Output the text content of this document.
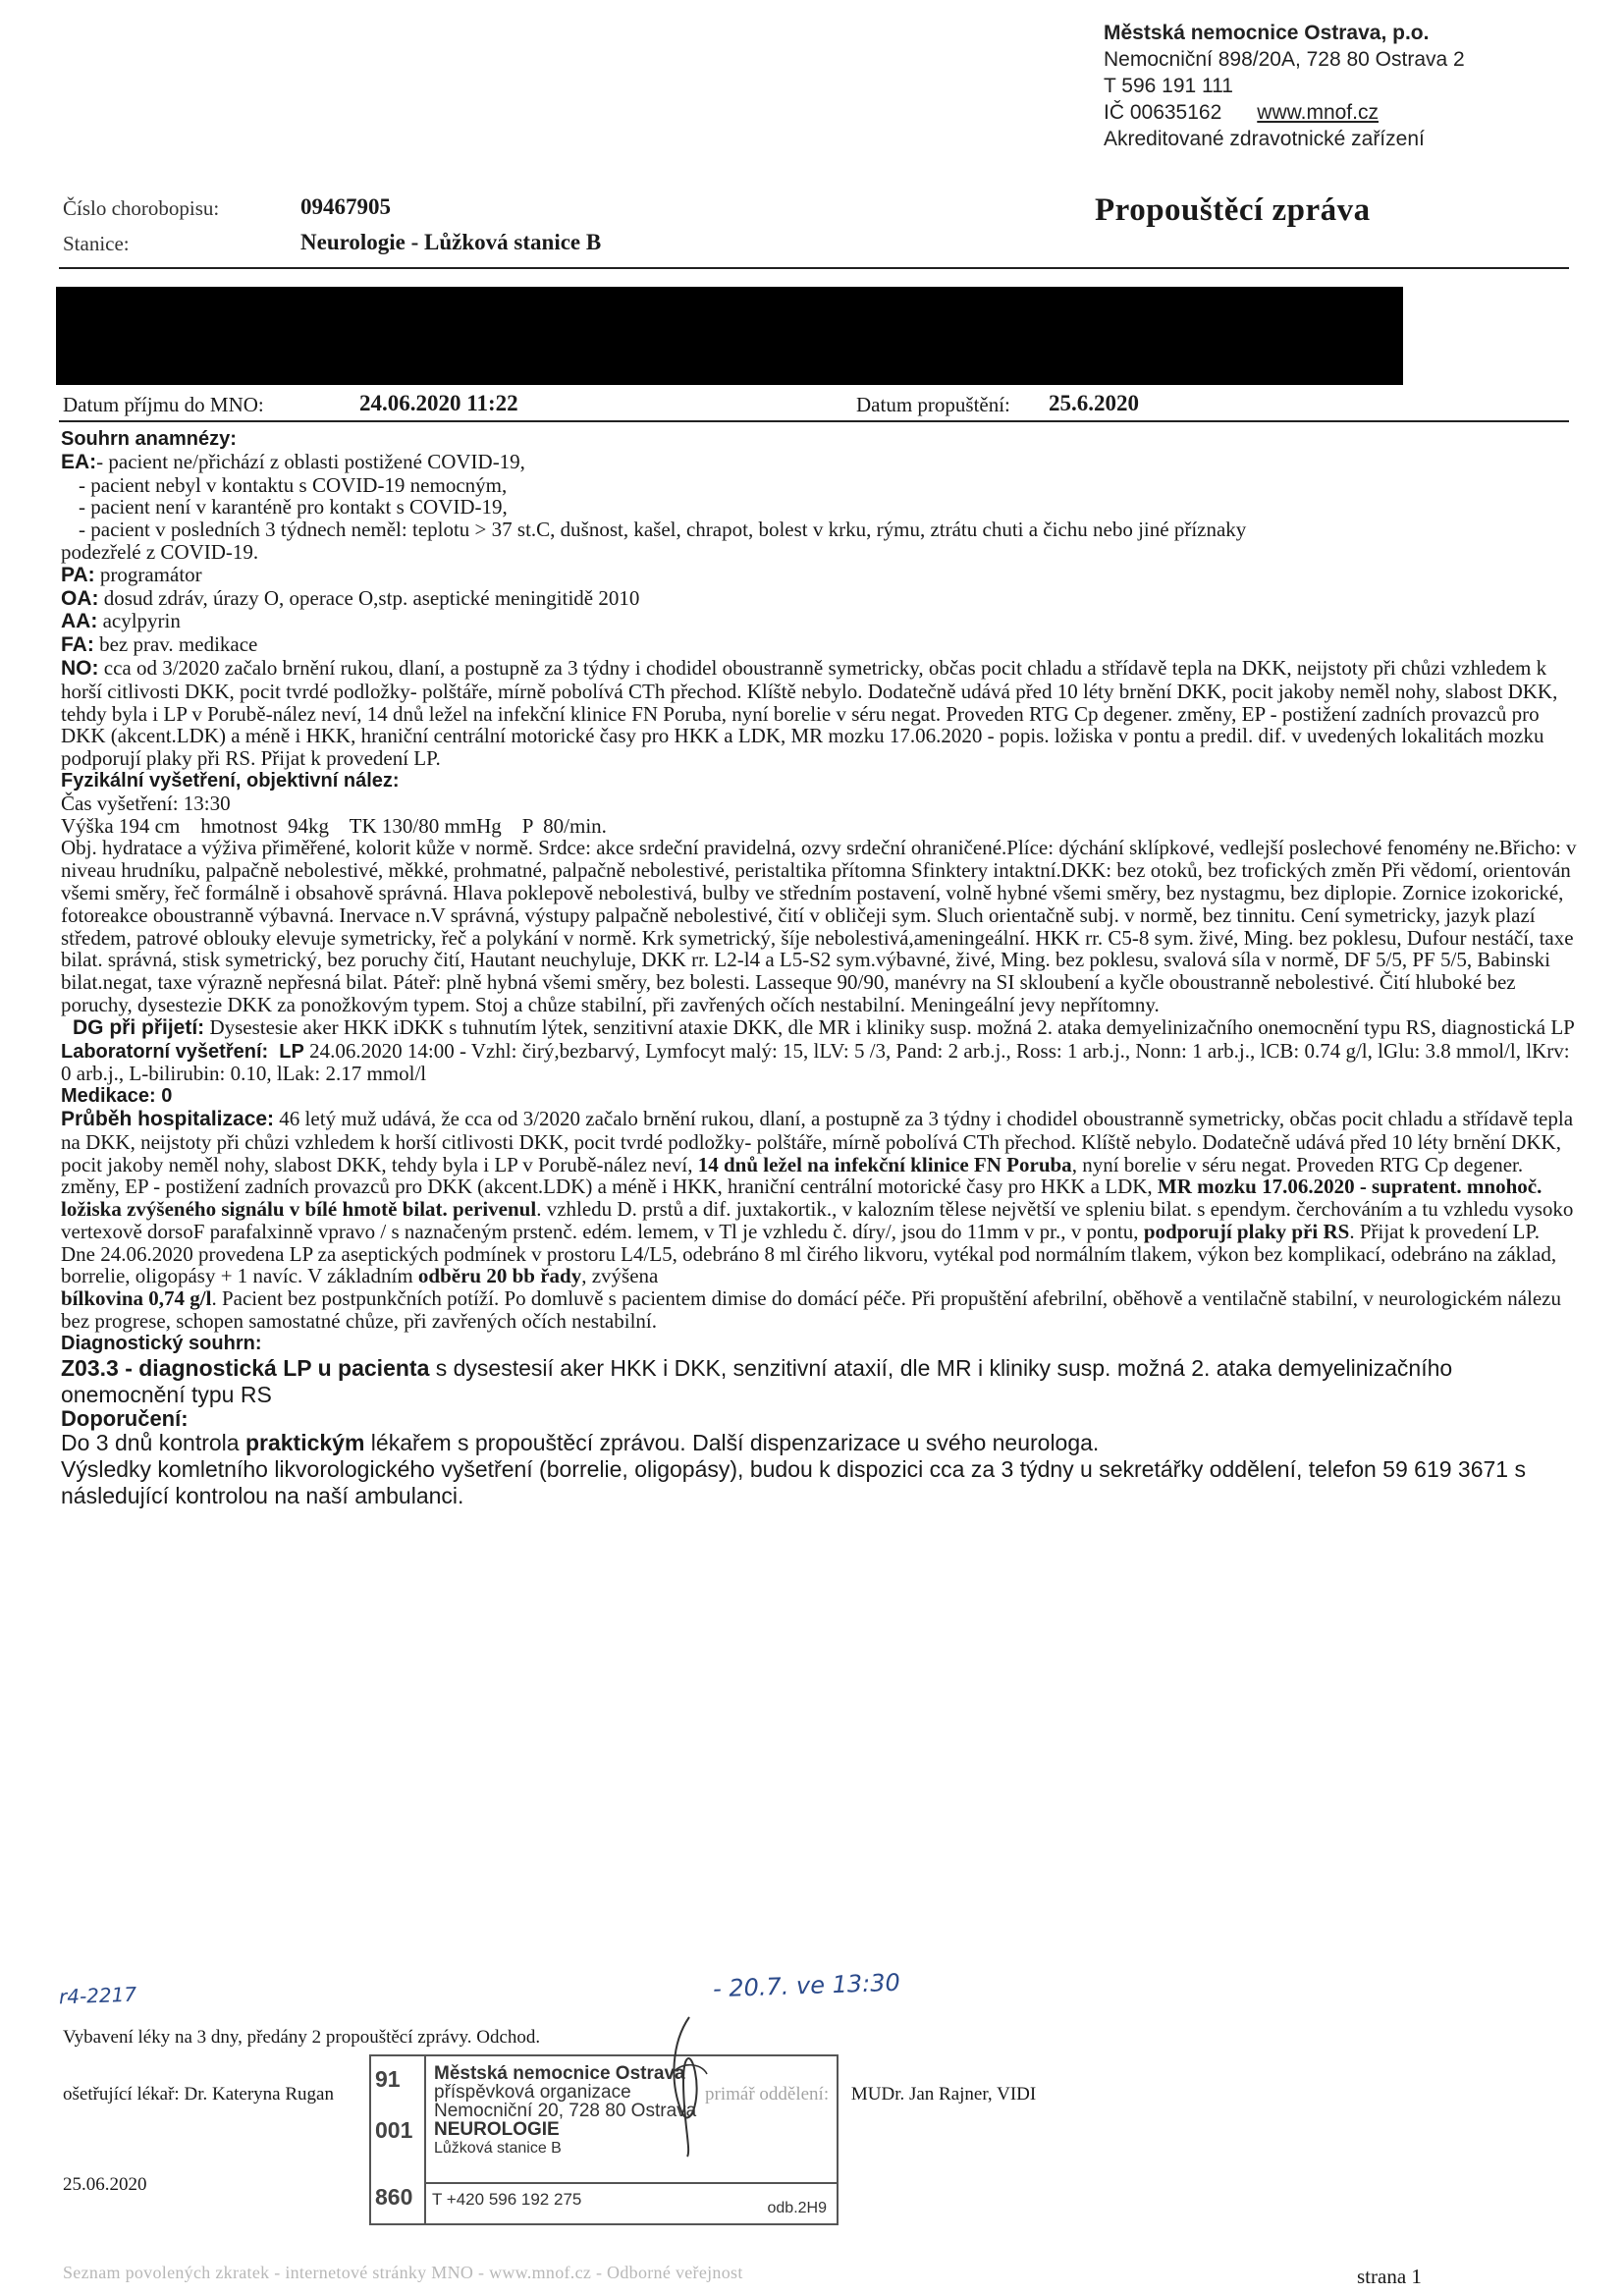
Městská nemocnice Ostrava, p.o.
Nemocniční 898/20A, 728 80 Ostrava 2
T 596 191 111
IČ 00635162 www.mnof.cz
Akreditované zdravotnické zařízení
Číslo chorobopisu:	09467905
Stanice:	Neurologie - Lůžková stanice B
Propouštěcí zpráva
Datum příjmu do MNO:	24.06.2020 11:22	Datum propuštění: 25.6.2020

Souhrn anamnézy:

EA:- pacient ne/přichází z oblasti postižené COVID-19,

- pacient nebyl v kontaktu s COVID-19 nemocným,

- pacient není v karanténě pro kontakt s COVID-19,

- pacient v posledních 3 týdnech neměl: teplotu > 37 st.C, dušnost, kašel, chrapot, bolest v krku, rýmu, ztrátu chuti a čichu nebo jiné příznaky

podezřelé z COVID-19.

PA: programátor

OA: dosud zdráv, úrazy O, operace O,stp. aseptické meningitidě 2010

AA: acylpyrin

FA: bez prav. medikace

NO: cca od 3/2020 začalo brnění rukou, dlaní, a postupně za 3 týdny i chodidel oboustranně symetricky, občas pocit chladu a střídavě tepla na DKK, neijstoty při chůzi vzhledem k horší citlivosti DKK, pocit tvrdé podložky- polštáře, mírně pobolívá CTh přechod. Klíště nebylo. Dodatečně udává před 10 léty brnění DKK, pocit jakoby neměl nohy, slabost DKK, tehdy byla i LP v Porubě-nález neví, 14 dnů ležel na infekční klinice FN Poruba, nyní borelie v séru negat. Proveden RTG Cp degener. změny, EP - postižení zadních provazců pro DKK (akcent.LDK) a méně i HKK, hraniční centrální motorické časy pro HKK a LDK, MR mozku 17.06.2020 - popis. ložiska v pontu a predil. dif. v uvedených lokalitách mozku podporují plaky při RS. Přijat k provedení LP.

Fyzikální vyšetření, objektivní nález:

Čas vyšetření: 13:30

Výška 194 cm    hmotnost  94kg    TK 130/80 mmHg    P  80/min.

Obj. hydratace a výživa přiměřené, kolorit kůže v normě. Srdce: akce srdeční pravidelná, ozvy srdeční ohraničené.Plíce: dýchání sklípkové, vedlejší poslechové fenomény ne.Břicho: v niveau hrudníku, palpačně nebolestivé, měkké, prohmatné, palpačně nebolestivé, peristaltika přítomna Sfinktery intaktní.DKK: bez otoků, bez trofických změn Při vědomí, orientován všemi směry, řeč formálně i obsahově správná. Hlava poklepově nebolestivá, bulby ve středním postavení, volně hybné všemi směry, bez nystagmu, bez diplopie. Zornice izokorické, fotoreakce oboustranně výbavná. Inervace n.V správná, výstupy palpačně nebolestivé, čití v obličeji sym. Sluch orientačně subj. v normě, bez tinnitu. Cení symetricky, jazyk plazí středem, patrové oblouky elevuje symetricky, řeč a polykání v normě. Krk symetrický, šíje nebolestivá,ameningeální. HKK rr. C5-8 sym. živé, Ming. bez poklesu, Dufour nestáčí, taxe bilat. správná, stisk symetrický, bez poruchy čití, Hautant neuchyluje, DKK rr. L2-l4 a L5-S2 sym.výbavné, živé, Ming. bez poklesu, svalová síla v normě, DF 5/5, PF 5/5, Babinski bilat.negat, taxe výrazně nepřesná bilat. Páteř: plně hybná všemi směry, bez bolesti. Lasseque 90/90, manévry na SI skloubení a kyčle oboustranně nebolestivé. Čití hluboké bez poruchy, dysestezie DKK za ponožkovým typem. Stoj a chůze stabilní, při zavřených očích nestabilní. Meningeální jevy nepřítomny.

DG při přijetí: Dysestesie aker HKK iDKK s tuhnutím lýtek, senzitivní ataxie DKK, dle MR i kliniky susp. možná 2. ataka demyelinizačního onemocnění typu RS, diagnostická LP

Laboratorní vyšetření: LP 24.06.2020 14:00 - Vzhl: čirý,bezbarvý, Lymfocyt malý: 15, lLV: 5 /3, Pand: 2 arb.j., Ross: 1 arb.j., Nonn: 1 arb.j., lCB: 0.74 g/l, lGlu: 3.8 mmol/l, lKrv: 0 arb.j., L-bilirubin: 0.10, lLak: 2.17 mmol/l

Medikace: 0

Průběh hospitalizace: 46 letý muž udává, že cca od 3/2020 začalo brnění rukou, dlaní, a postupně za 3 týdny i chodidel oboustranně symetricky, občas pocit chladu a střídavě tepla na DKK, neijstoty při chůzi vzhledem k horší citlivosti DKK, pocit tvrdé podložky- polštáře, mírně pobolívá CTh přechod. Klíště nebylo. Dodatečně udává před 10 léty brnění DKK, pocit jakoby neměl nohy, slabost DKK, tehdy byla i LP v Porubě-nález neví, 14 dnů ležel na infekční klinice FN Poruba, nyní borelie v séru negat. Proveden RTG Cp degener. změny, EP - postižení zadních provazců pro DKK (akcent.LDK) a méně i HKK, hraniční centrální motorické časy pro HKK a LDK, MR mozku 17.06.2020 - supratent. mnohoč. ložiska zvýšeného signálu v bílé hmotě bilat. perivenul. vzhledu D. prstů a dif. juxtakortik., v kalozním tělese největší ve spleniu bilat. s ependym. čerchováním a tu vzhledu vysoko vertexově dorsoF parafalxinně vpravo / s naznačeným prstenč. edém. lemem, v Tl je vzhledu č. díry/, jsou do 11mm v pr., v pontu, podporují plaky při RS. Přijat k provedení LP. Dne 24.06.2020 provedena LP za aseptických podmínek v prostoru L4/L5, odebráno 8 ml čirého likvoru, vytékal pod normálním tlakem, výkon bez komplikací, odebráno na základ, borrelie, oligopásy + 1 navíc. V základním odběru 20 bb řady, zvýšena
bílkovina 0,74 g/l. Pacient bez postpunkčních potíží. Po domluvě s pacientem dimise do domácí péče. Při propuštění afebrilní, oběhově a ventilačně stabilní, v neurologickém nálezu bez progrese, schopen samostatné chůze, při zavřených očích nestabilní.

Diagnostický souhrn:

Z03.3 - diagnostická LP u pacienta s dysestesií aker HKK i DKK, senzitivní ataxií, dle MR i kliniky susp. možná 2. ataka demyelinizačního onemocnění typu RS

Doporučení:

Do 3 dnů kontrola praktickým lékařem s propouštěcí zprávou. Další dispenzarizace u svého neurologa.

Výsledky komletního likvorologického vyšetření (borrelie, oligopásy), budou k dispozici cca za 3 týdny u sekretářky oddělení, telefon 59 619 3671 s následující kontrolou na naší ambulanci.

- 20.7. ve 13:30
r4-2217
Vybavení léky na 3 dny, předány 2 propouštěcí zprávy. Odchod.
ošetřující lékař: Dr. Kateryna Rugan	MUDr. Jan Rajner, VIDI
25.06.2020
91
001
860
Městská nemocnice Ostrava
příspěvková organizace
Nemocniční 20, 728 80 Ostrava
NEUROLOGIE
Lůžková stanice B
T +420 596 192 275	odb.2H9
Seznam povolených zkratek - internetové stránky MNO - www.mnof.cz - Odborné veřejnost	strana 1
